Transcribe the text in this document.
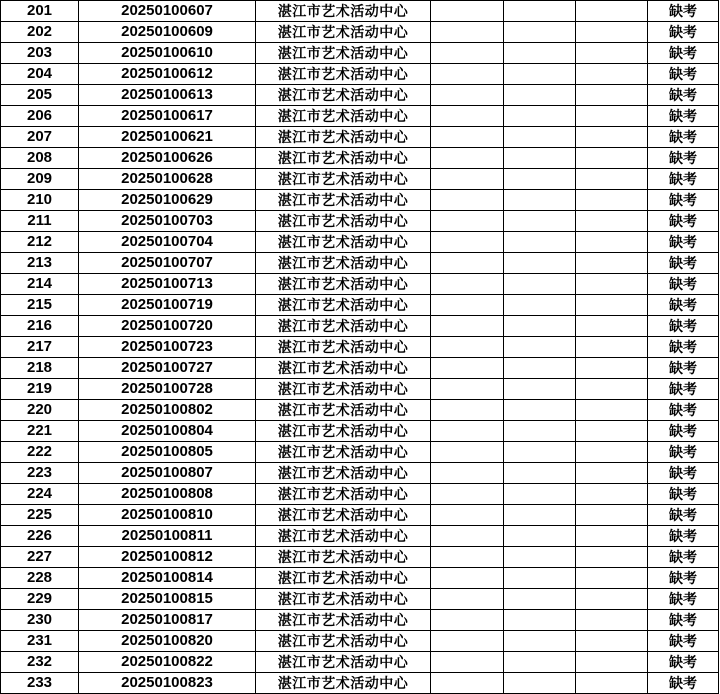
201	20250100607	湛江市艺术活动中心				缺考
202	20250100609	湛江市艺术活动中心				缺考
203	20250100610	湛江市艺术活动中心				缺考
204	20250100612	湛江市艺术活动中心				缺考
205	20250100613	湛江市艺术活动中心				缺考
206	20250100617	湛江市艺术活动中心				缺考
207	20250100621	湛江市艺术活动中心				缺考
208	20250100626	湛江市艺术活动中心				缺考
209	20250100628	湛江市艺术活动中心				缺考
210	20250100629	湛江市艺术活动中心				缺考
211	20250100703	湛江市艺术活动中心				缺考
212	20250100704	湛江市艺术活动中心				缺考
213	20250100707	湛江市艺术活动中心				缺考
214	20250100713	湛江市艺术活动中心				缺考
215	20250100719	湛江市艺术活动中心				缺考
216	20250100720	湛江市艺术活动中心				缺考
217	20250100723	湛江市艺术活动中心				缺考
218	20250100727	湛江市艺术活动中心				缺考
219	20250100728	湛江市艺术活动中心				缺考
220	20250100802	湛江市艺术活动中心				缺考
221	20250100804	湛江市艺术活动中心				缺考
222	20250100805	湛江市艺术活动中心				缺考
223	20250100807	湛江市艺术活动中心				缺考
224	20250100808	湛江市艺术活动中心				缺考
225	20250100810	湛江市艺术活动中心				缺考
226	20250100811	湛江市艺术活动中心				缺考
227	20250100812	湛江市艺术活动中心				缺考
228	20250100814	湛江市艺术活动中心				缺考
229	20250100815	湛江市艺术活动中心				缺考
230	20250100817	湛江市艺术活动中心				缺考
231	20250100820	湛江市艺术活动中心				缺考
232	20250100822	湛江市艺术活动中心				缺考
233	20250100823	湛江市艺术活动中心				缺考
